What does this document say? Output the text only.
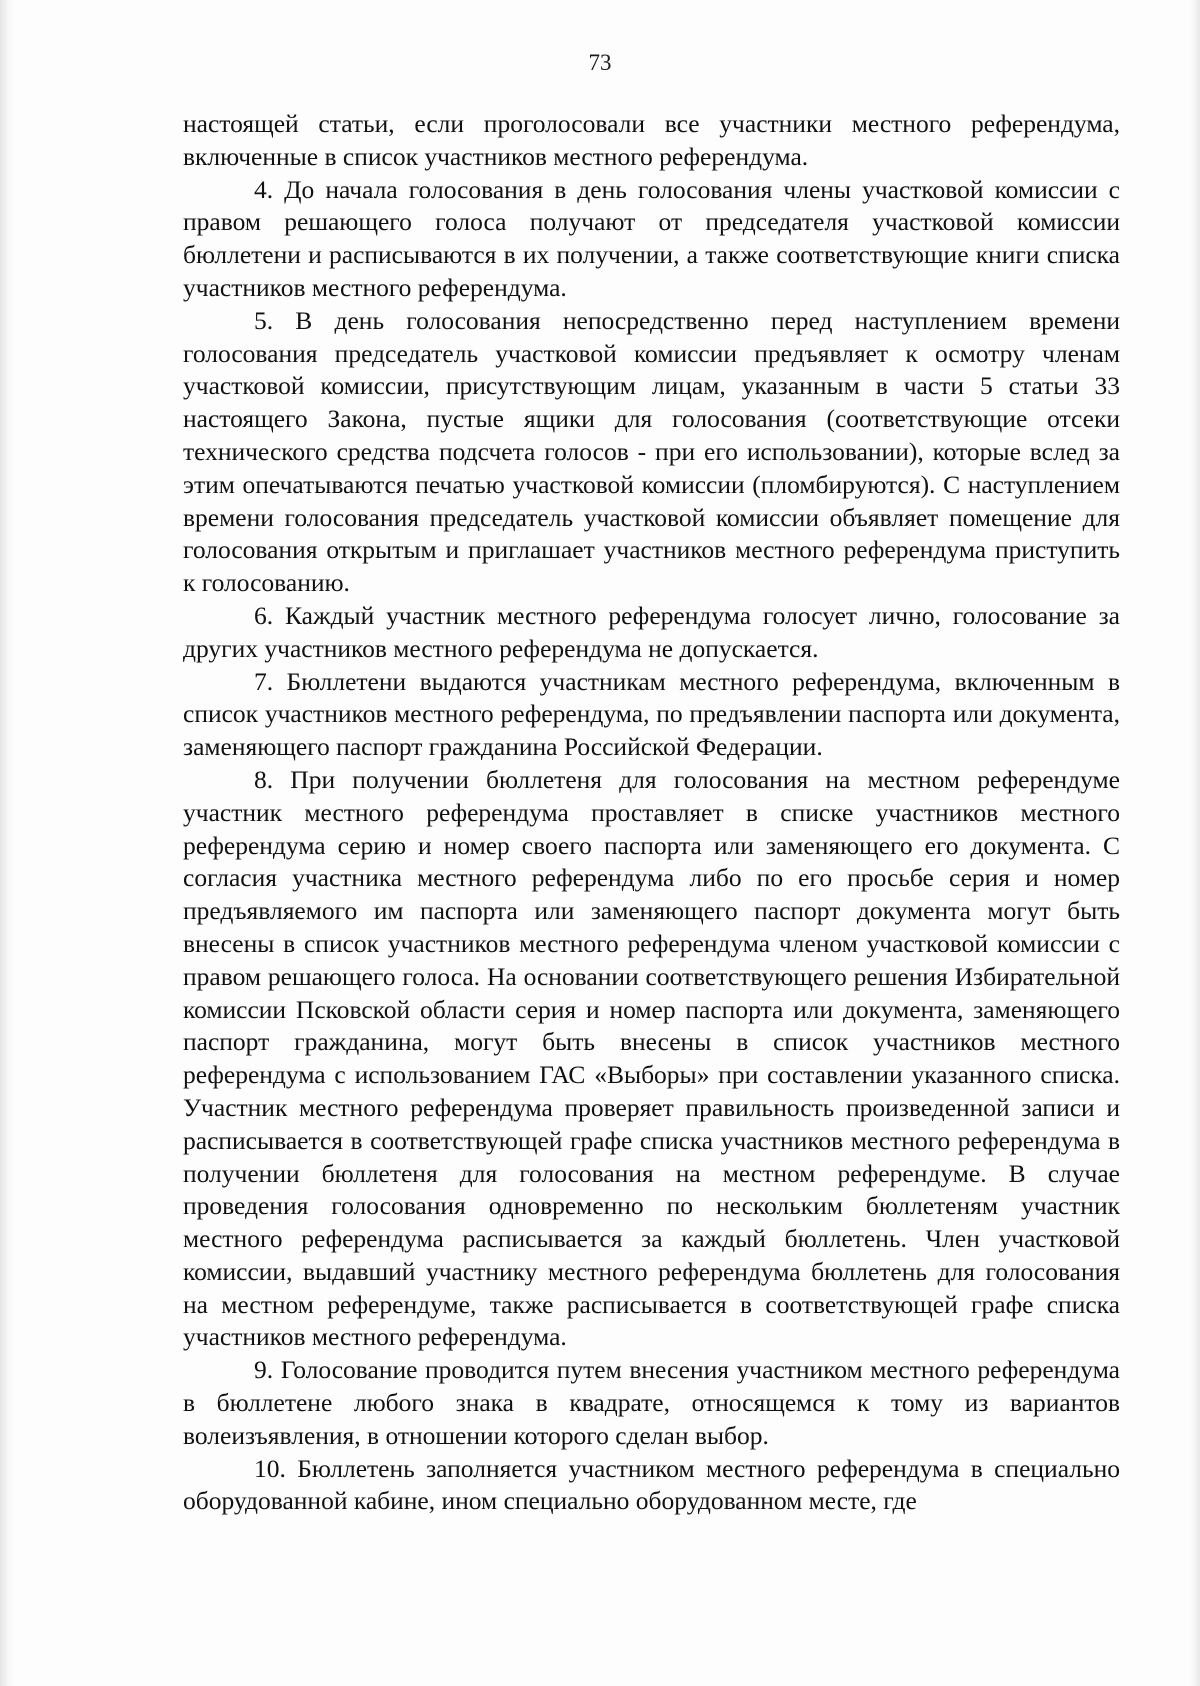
73

настоящей статьи, если проголосовали все участники местного референдума, включенные в список участников местного референдума.

4. До начала голосования в день голосования члены участковой комиссии с правом решающего голоса получают от председателя участковой комиссии бюллетени и расписываются в их получении, а также соответствующие книги списка участников местного референдума.

5. В день голосования непосредственно перед наступлением времени голосования председатель участковой комиссии предъявляет к осмотру членам участковой комиссии, присутствующим лицам, указанным в части 5 статьи 33 настоящего Закона, пустые ящики для голосования (соответствующие отсеки технического средства подсчета голосов - при его использовании), которые вслед за этим опечатываются печатью участковой комиссии (пломбируются). С наступлением времени голосования председатель участковой комиссии объявляет помещение для голосования открытым и приглашает участников местного референдума приступить к голосованию.

6. Каждый участник местного референдума голосует лично, голосование за других участников местного референдума не допускается.

7. Бюллетени выдаются участникам местного референдума, включенным в список участников местного референдума, по предъявлении паспорта или документа, заменяющего паспорт гражданина Российской Федерации.

8. При получении бюллетеня для голосования на местном референдуме участник местного референдума проставляет в списке участников местного референдума серию и номер своего паспорта или заменяющего его документа. С согласия участника местного референдума либо по его просьбе серия и номер предъявляемого им паспорта или заменяющего паспорт документа могут быть внесены в список участников местного референдума членом участковой комиссии с правом решающего голоса. На основании соответствующего решения Избирательной комиссии Псковской области серия и номер паспорта или документа, заменяющего паспорт гражданина, могут быть внесены в список участников местного референдума с использованием ГАС «Выборы» при составлении указанного списка. Участник местного референдума проверяет правильность произведенной записи и расписывается в соответствующей графе списка участников местного референдума в получении бюллетеня для голосования на местном референдуме. В случае проведения голосования одновременно по нескольким бюллетеням участник местного референдума расписывается за каждый бюллетень. Член участковой комиссии, выдавший участнику местного референдума бюллетень для голосования на местном референдуме, также расписывается в соответствующей графе списка участников местного референдума.

9. Голосование проводится путем внесения участником местного референдума в бюллетене любого знака в квадрате, относящемся к тому из вариантов волеизъявления, в отношении которого сделан выбор.

10. Бюллетень заполняется участником местного референдума в специально оборудованной кабине, ином специально оборудованном месте, где
